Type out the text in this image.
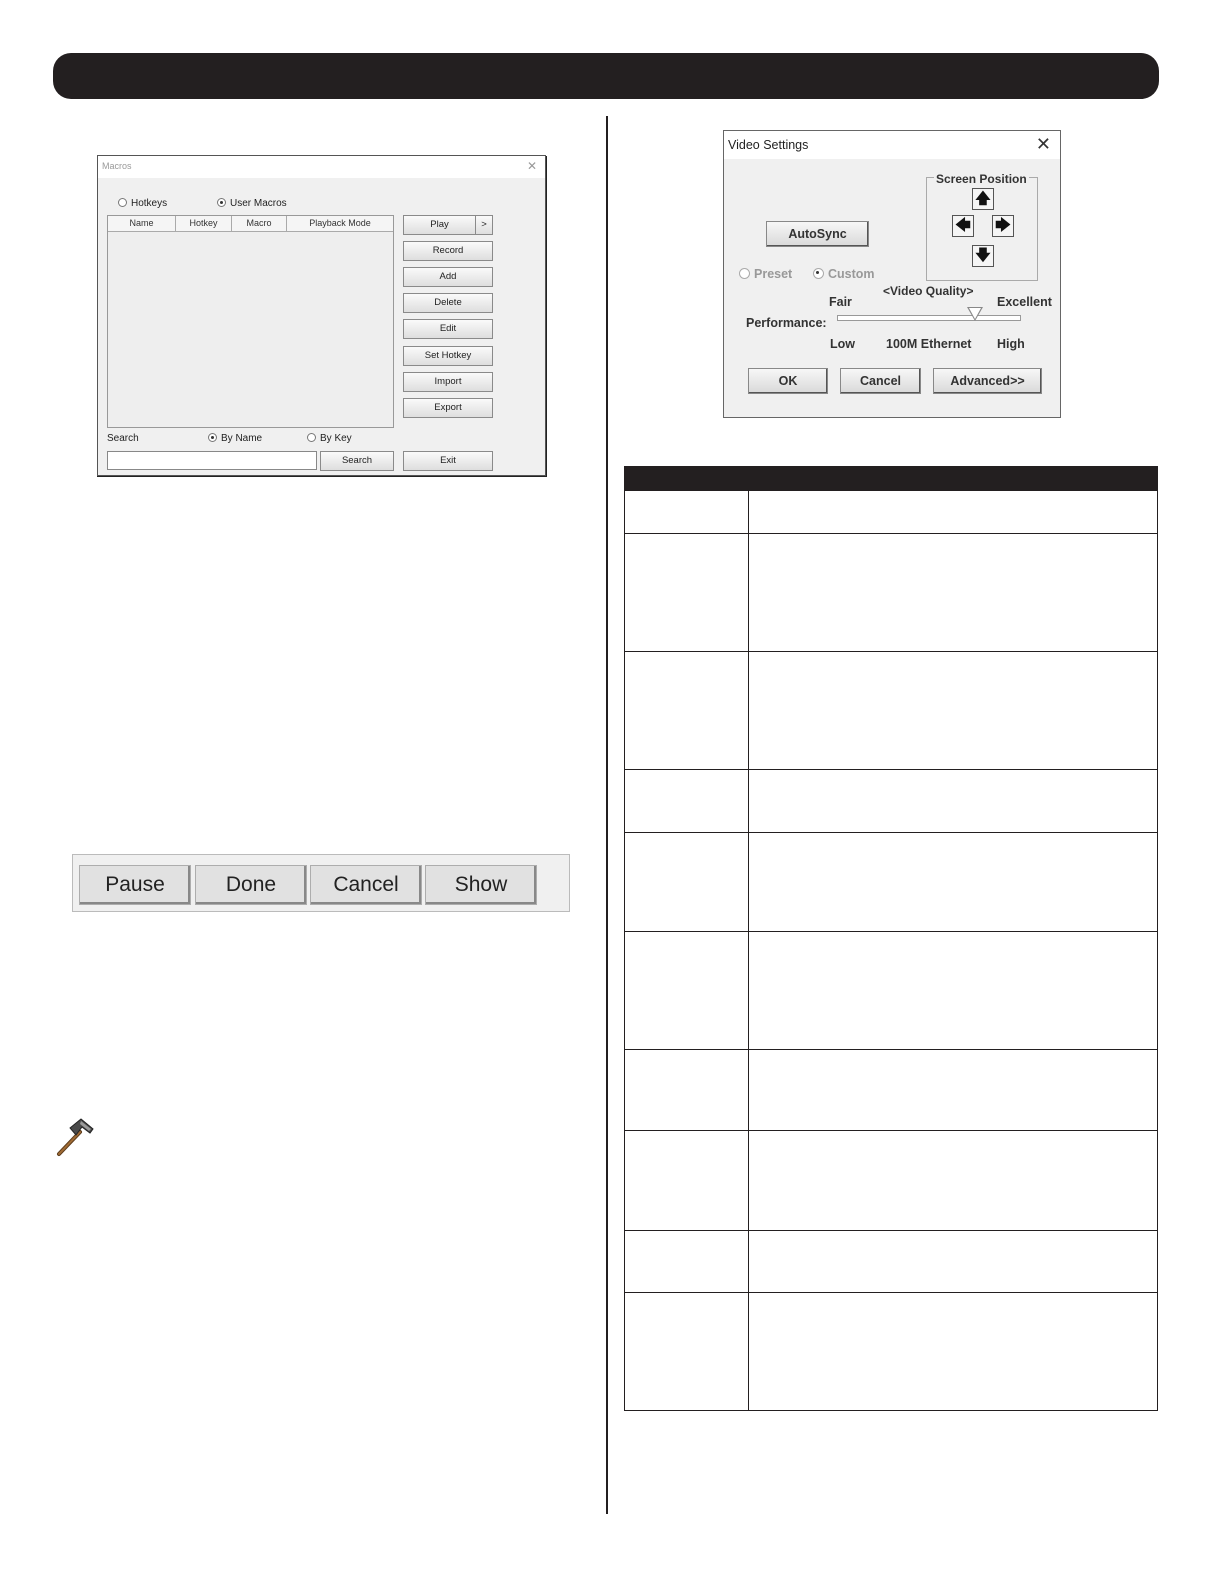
Macros	✕
Hotkeys	User Macros
Name	Hotkey	Macro	Playback Mode	Play	>
Record
Add
Delete
Edit
Set Hotkey
Import
Export
Search	By Name	By Key
Search	Exit
Pause	Done	Cancel	Show
Video Settings	✕
AutoSync
Screen Position
🡅
🡄 🡆
🡇
Preset	Custom
<Video Quality>
Fair	Excellent
Performance:
Low 100M Ethernet High
OK	Cancel	Advanced>>
